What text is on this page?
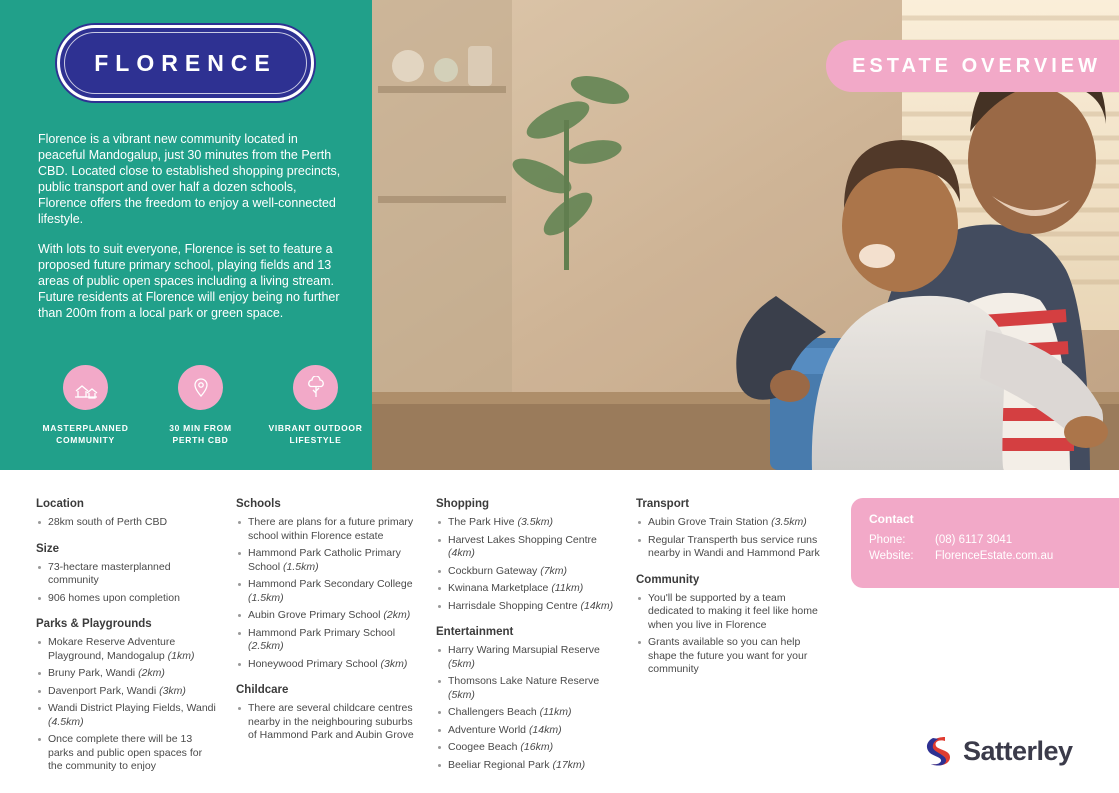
FLORENCE

Florence is a vibrant new community located in peaceful Mandogalup, just 30 minutes from the Perth CBD. Located close to established shopping precincts, public transport and over half a dozen schools, Florence offers the freedom to enjoy a well-connected lifestyle.

With lots to suit everyone, Florence is set to feature a proposed future primary school, playing fields and 13 areas of public open spaces including a living stream. Future residents at Florence will enjoy being no further than 200m from a local park or green space.

MASTERPLANNED COMMUNITY
30 MIN FROM PERTH CBD
VIBRANT OUTDOOR LIFESTYLE
ESTATE OVERVIEW
Location
28km south of Perth CBD
Size
73-hectare masterplanned community
906 homes upon completion
Parks & Playgrounds
Mokare Reserve Adventure Playground, Mandogalup (1km)
Bruny Park, Wandi (2km)
Davenport Park, Wandi (3km)
Wandi District Playing Fields, Wandi (4.5km)
Once complete there will be 13 parks and public open spaces for the community to enjoy
Schools
There are plans for a future primary school within Florence estate
Hammond Park Catholic Primary School (1.5km)
Hammond Park Secondary College (1.5km)
Aubin Grove Primary School (2km)
Hammond Park Primary School (2.5km)
Honeywood Primary School (3km)
Childcare
There are several childcare centres nearby in the neighbouring suburbs of Hammond Park and Aubin Grove
Shopping
The Park Hive (3.5km)
Harvest Lakes Shopping Centre (4km)
Cockburn Gateway (7km)
Kwinana Marketplace (11km)
Harrisdale Shopping Centre (14km)
Entertainment
Harry Waring Marsupial Reserve (5km)
Thomsons Lake Nature Reserve (5km)
Challengers Beach (11km)
Adventure World (14km)
Coogee Beach (16km)
Beeliar Regional Park (17km)
Transport
Aubin Grove Train Station (3.5km)
Regular Transperth bus service runs nearby in Wandi and Hammond Park
Community
You'll be supported by a team dedicated to making it feel like home when you live in Florence
Grants available so you can help shape the future you want for your community
Contact
Phone:	(08) 6117 3041
Website:	FlorenceEstate.com.au
Satterley
